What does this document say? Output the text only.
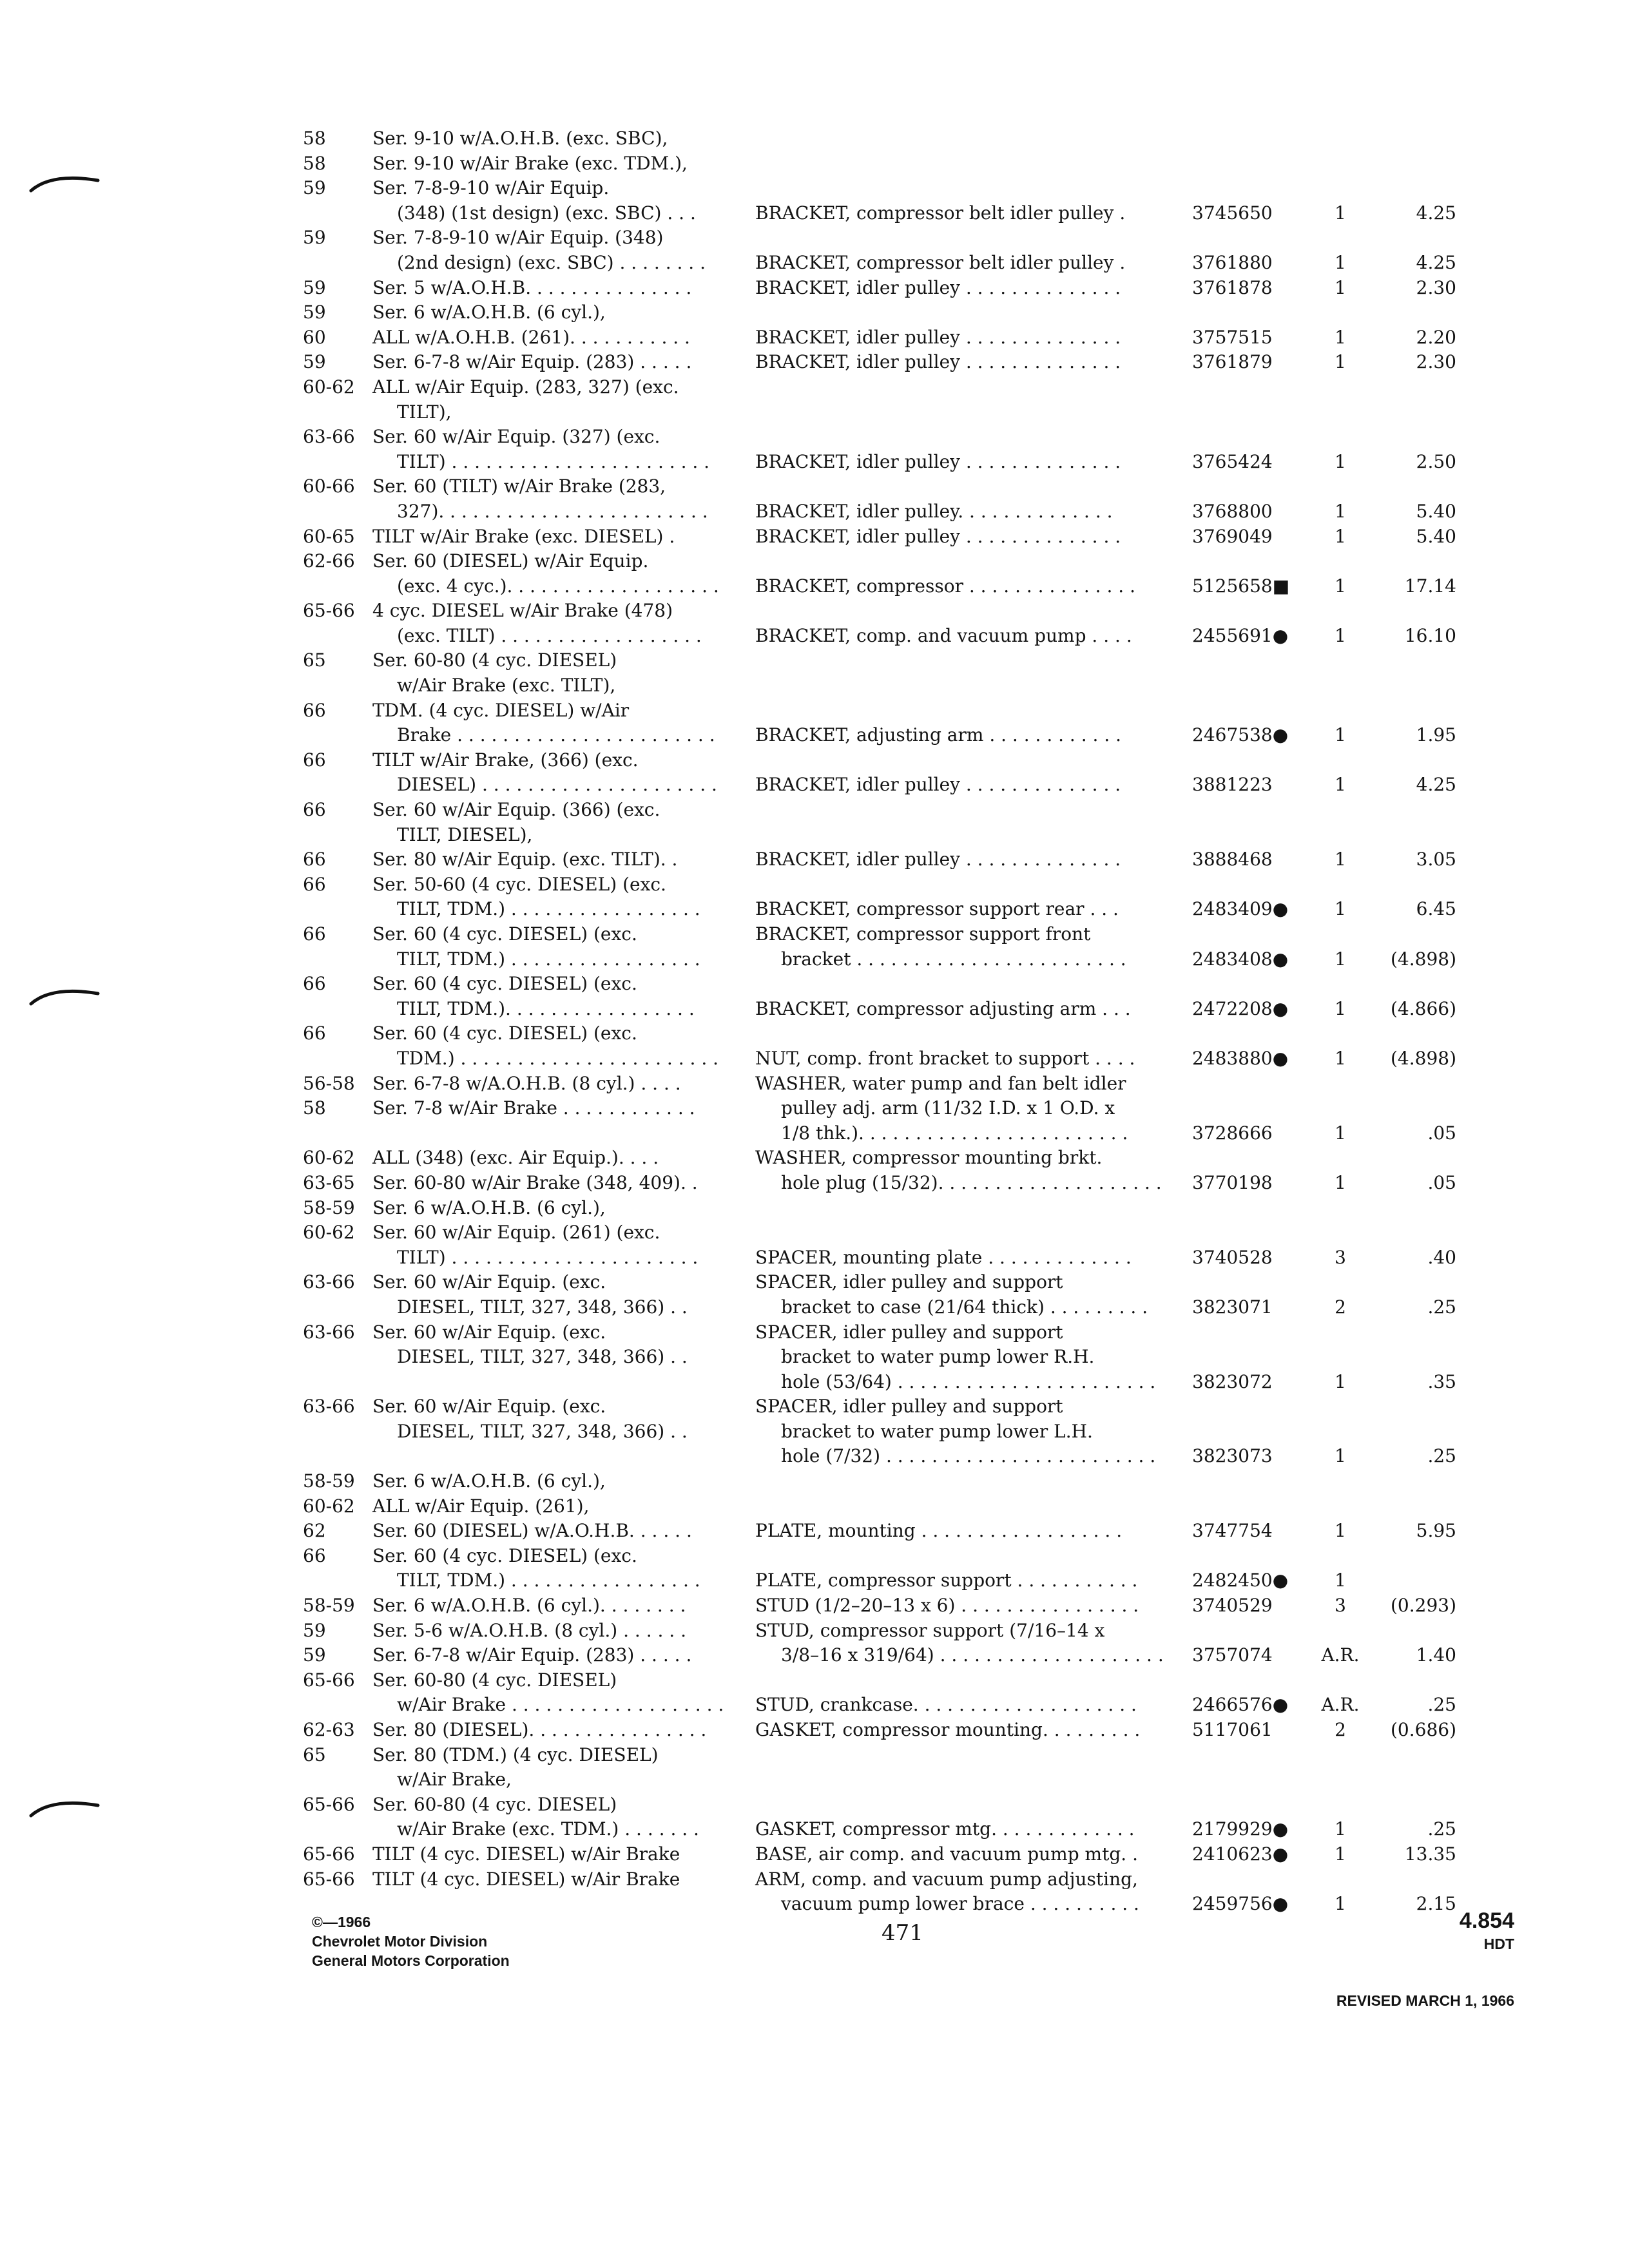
58	Ser. 9-10 w/A.O.H.B. (exc. SBC),
58	Ser. 9-10 w/Air Brake (exc. TDM.),
59	Ser. 7-8-9-10 w/Air Equip.
(348) (1st design) (exc. SBC) . . .	BRACKET, compressor belt idler pulley .	3745650	1	4.25
59	Ser. 7-8-9-10 w/Air Equip. (348)
(2nd design) (exc. SBC) . . . . . . . .	BRACKET, compressor belt idler pulley .	3761880	1	4.25
59	Ser. 5 w/A.O.H.B. . . . . . . . . . . . . . .	BRACKET, idler pulley . . . . . . . . . . . . . .	3761878	1	2.30
59	Ser. 6 w/A.O.H.B. (6 cyl.),
60	ALL w/A.O.H.B. (261). . . . . . . . . . .	BRACKET, idler pulley . . . . . . . . . . . . . .	3757515	1	2.20
59	Ser. 6-7-8 w/Air Equip. (283) . . . . .	BRACKET, idler pulley . . . . . . . . . . . . . .	3761879	1	2.30
60-62 ALL w/Air Equip. (283, 327) (exc.
TILT),
63-66 Ser. 60 w/Air Equip. (327) (exc.
TILT) . . . . . . . . . . . . . . . . . . . . . . .	BRACKET, idler pulley . . . . . . . . . . . . . .	3765424	1	2.50
60-66 Ser. 60 (TILT) w/Air Brake (283,
327). . . . . . . . . . . . . . . . . . . . . . . .	BRACKET, idler pulley. . . . . . . . . . . . . .	3768800	1	5.40
60-65 TILT w/Air Brake (exc. DIESEL) .	BRACKET, idler pulley . . . . . . . . . . . . . .	3769049	1	5.40
62-66 Ser. 60 (DIESEL) w/Air Equip.
(exc. 4 cyc.). . . . . . . . . . . . . . . . . . . BRACKET, compressor . . . . . . . . . . . . . . .	5125658■	1	17.14
65-66 4 cyc. DIESEL w/Air Brake (478)
(exc. TILT) . . . . . . . . . . . . . . . . . .	BRACKET, comp. and vacuum pump . . . .	2455691●	1	16.10
65	Ser. 60-80 (4 cyc. DIESEL)
w/Air Brake (exc. TILT),
66	TDM. (4 cyc. DIESEL) w/Air
Brake . . . . . . . . . . . . . . . . . . . . . . . BRACKET, adjusting arm . . . . . . . . . . . .	2467538●	1	1.95
66	TILT w/Air Brake, (366) (exc.
DIESEL) . . . . . . . . . . . . . . . . . . . . . BRACKET, idler pulley . . . . . . . . . . . . . .	3881223	1	4.25
66	Ser. 60 w/Air Equip. (366) (exc.
TILT, DIESEL),
66	Ser. 80 w/Air Equip. (exc. TILT). .	BRACKET, idler pulley . . . . . . . . . . . . . .	3888468	1	3.05
66	Ser. 50-60 (4 cyc. DIESEL) (exc.
TILT, TDM.) . . . . . . . . . . . . . . . . .	BRACKET, compressor support rear . . .	2483409●	1	6.45
66	Ser. 60 (4 cyc. DIESEL) (exc.	BRACKET, compressor support front
TILT, TDM.) . . . . . . . . . . . . . . . . .	bracket . . . . . . . . . . . . . . . . . . . . . . . .	2483408●	1	(4.898)
66	Ser. 60 (4 cyc. DIESEL) (exc.
TILT, TDM.). . . . . . . . . . . . . . . . .	BRACKET, compressor adjusting arm . . .	2472208●	1	(4.866)
66	Ser. 60 (4 cyc. DIESEL) (exc.
TDM.) . . . . . . . . . . . . . . . . . . . . . . . NUT, comp. front bracket to support . . . .	2483880●	1	(4.898)
56-58 Ser. 6-7-8 w/A.O.H.B. (8 cyl.) . . . .	WASHER, water pump and fan belt idler
58	Ser. 7-8 w/Air Brake . . . . . . . . . . . .	pulley adj. arm (11/32 I.D. x 1 O.D. x
1/8 thk.). . . . . . . . . . . . . . . . . . . . . . . .	3728666	1	.05
60-62 ALL (348) (exc. Air Equip.). . . .	WASHER, compressor mounting brkt.
63-65 Ser. 60-80 w/Air Brake (348, 409). .	hole plug (15/32). . . . . . . . . . . . . . . . . . . . 3770198	1	.05
58-59 Ser. 6 w/A.O.H.B. (6 cyl.),
60-62 Ser. 60 w/Air Equip. (261) (exc.
TILT) . . . . . . . . . . . . . . . . . . . . . .	SPACER, mounting plate . . . . . . . . . . . . .	3740528	3	.40
63-66 Ser. 60 w/Air Equip. (exc.	SPACER, idler pulley and support
DIESEL, TILT, 327, 348, 366) . .	bracket to case (21/64 thick) . . . . . . . . . 3823071	2	.25
63-66 Ser. 60 w/Air Equip. (exc.	SPACER, idler pulley and support
DIESEL, TILT, 327, 348, 366) . .	bracket to water pump lower R.H.
hole (53/64) . . . . . . . . . . . . . . . . . . . . . . . 3823072	1	.35
63-66 Ser. 60 w/Air Equip. (exc.	SPACER, idler pulley and support
DIESEL, TILT, 327, 348, 366) . .	bracket to water pump lower L.H.
hole (7/32) . . . . . . . . . . . . . . . . . . . . . . . . 3823073	1	.25
58-59 Ser. 6 w/A.O.H.B. (6 cyl.),
60-62 ALL w/Air Equip. (261),
62	Ser. 60 (DIESEL) w/A.O.H.B. . . . . .	PLATE, mounting . . . . . . . . . . . . . . . . . .	3747754	1	5.95
66	Ser. 60 (4 cyc. DIESEL) (exc.
TILT, TDM.) . . . . . . . . . . . . . . . . .	PLATE, compressor support . . . . . . . . . . .	2482450●	1
58-59 Ser. 6 w/A.O.H.B. (6 cyl.). . . . . . . .	STUD (1/2–20–13 x 6) . . . . . . . . . . . . . . . .	3740529	3	(0.293)
59	Ser. 5-6 w/A.O.H.B. (8 cyl.) . . . . . .	STUD, compressor support (7/16–14 x
59	Ser. 6-7-8 w/Air Equip. (283) . . . . .	3/8–16 x 319/64) . . . . . . . . . . . . . . . . . . . . 3757074	A.R.	1.40
65-66 Ser. 60-80 (4 cyc. DIESEL)
w/Air Brake . . . . . . . . . . . . . . . . . . . STUD, crankcase. . . . . . . . . . . . . . . . . . . .	2466576●	A.R.	.25
62-63 Ser. 80 (DIESEL). . . . . . . . . . . . . . . .	GASKET, compressor mounting. . . . . . . . .	5117061	2	(0.686)
65	Ser. 80 (TDM.) (4 cyc. DIESEL)
w/Air Brake,
65-66 Ser. 60-80 (4 cyc. DIESEL)
w/Air Brake (exc. TDM.) . . . . . . .	GASKET, compressor mtg. . . . . . . . . . . . .	2179929●	1	.25
65-66 TILT (4 cyc. DIESEL) w/Air Brake	BASE, air comp. and vacuum pump mtg. .	2410623●	1	13.35
65-66 TILT (4 cyc. DIESEL) w/Air Brake	ARM, comp. and vacuum pump adjusting,
vacuum pump lower brace . . . . . . . . . .	2459756●	1	2.15
©—1966
Chevrolet Motor Division
General Motors Corporation
471	4.854
HDT
REVISED MARCH 1, 1966
